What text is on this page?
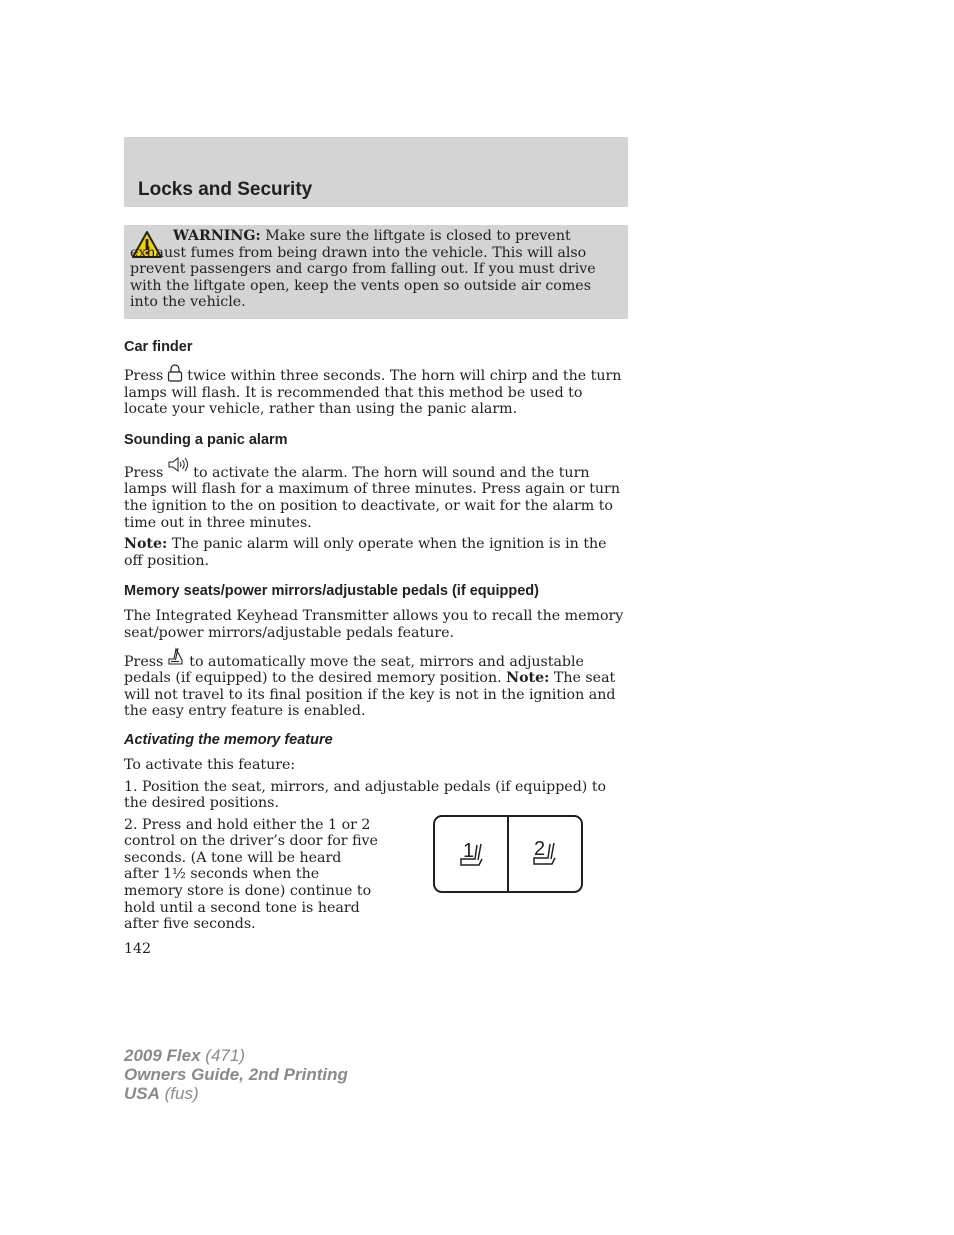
Locks and Security

WARNING: Make sure the liftgate is closed to prevent exhaust fumes from being drawn into the vehicle. This will also prevent passengers and cargo from falling out. If you must drive with the liftgate open, keep the vents open so outside air comes into the vehicle.

Car finder

Press twice within three seconds. The horn will chirp and the turn lamps will flash. It is recommended that this method be used to locate your vehicle, rather than using the panic alarm.

Sounding a panic alarm

Press to activate the alarm. The horn will sound and the turn lamps will flash for a maximum of three minutes. Press again or turn the ignition to the on position to deactivate, or wait for the alarm to time out in three minutes.

Note: The panic alarm will only operate when the ignition is in the off position.

Memory seats/power mirrors/adjustable pedals (if equipped)

The Integrated Keyhead Transmitter allows you to recall the memory seat/power mirrors/adjustable pedals feature.

Press to automatically move the seat, mirrors and adjustable pedals (if equipped) to the desired memory position. Note: The seat will not travel to its final position if the key is not in the ignition and the easy entry feature is enabled.

Activating the memory feature

To activate this feature:

1. Position the seat, mirrors, and adjustable pedals (if equipped) to the desired positions.

2. Press and hold either the 1 or 2 control on the driver’s door for five seconds. (A tone will be heard after 1½ seconds when the memory store is done) continue to hold until a second tone is heard after five seconds.

1	2
142
2009 Flex (471)
Owners Guide, 2nd Printing
USA (fus)
